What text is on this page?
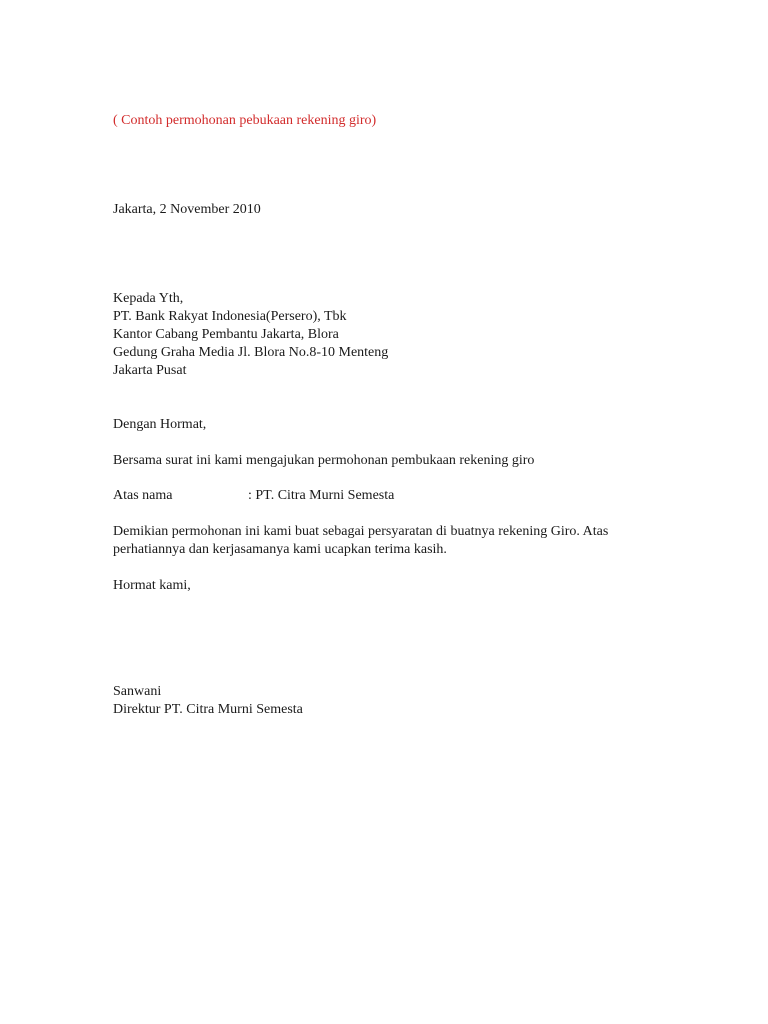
( Contoh permohonan pebukaan rekening giro)
Jakarta, 2 November 2010
Kepada Yth,
PT. Bank Rakyat Indonesia(Persero), Tbk
Kantor Cabang Pembantu Jakarta, Blora
Gedung Graha Media Jl. Blora No.8-10 Menteng
Jakarta Pusat
Dengan Hormat,
Bersama surat ini kami mengajukan permohonan pembukaan rekening giro
Atas nama	: PT. Citra Murni Semesta
Demikian permohonan ini kami buat sebagai persyaratan di buatnya rekening Giro. Atas
perhatiannya dan kerjasamanya kami ucapkan terima kasih.
Hormat kami,
Sanwani
Direktur PT. Citra Murni Semesta
